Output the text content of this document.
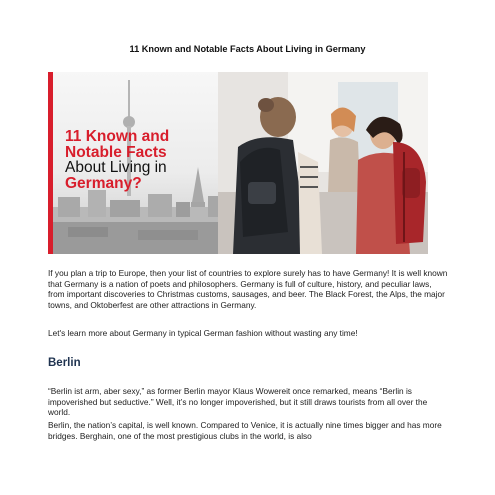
11 Known and Notable Facts About Living in Germany
11 Known and
Notable Facts
About Living in
Germany?

If you plan a trip to Europe, then your list of countries to explore surely has to have Germany! It is well known that Germany is a nation of poets and philosophers. Germany is full of culture, history, and peculiar laws, from important discoveries to Christmas customs, sausages, and beer. The Black Forest, the Alps, the major towns, and Oktoberfest are other attractions in Germany.

Let's learn more about Germany in typical German fashion without wasting any time!

Berlin

“Berlin ist arm, aber sexy,” as former Berlin mayor Klaus Wowereit once remarked, means “Berlin is impoverished but seductive.” Well, it’s no longer impoverished, but it still draws tourists from all over the world.

Berlin, the nation’s capital, is well known. Compared to Venice, it is actually nine times bigger and has more bridges. Berghain, one of the most prestigious clubs in the world, is also
